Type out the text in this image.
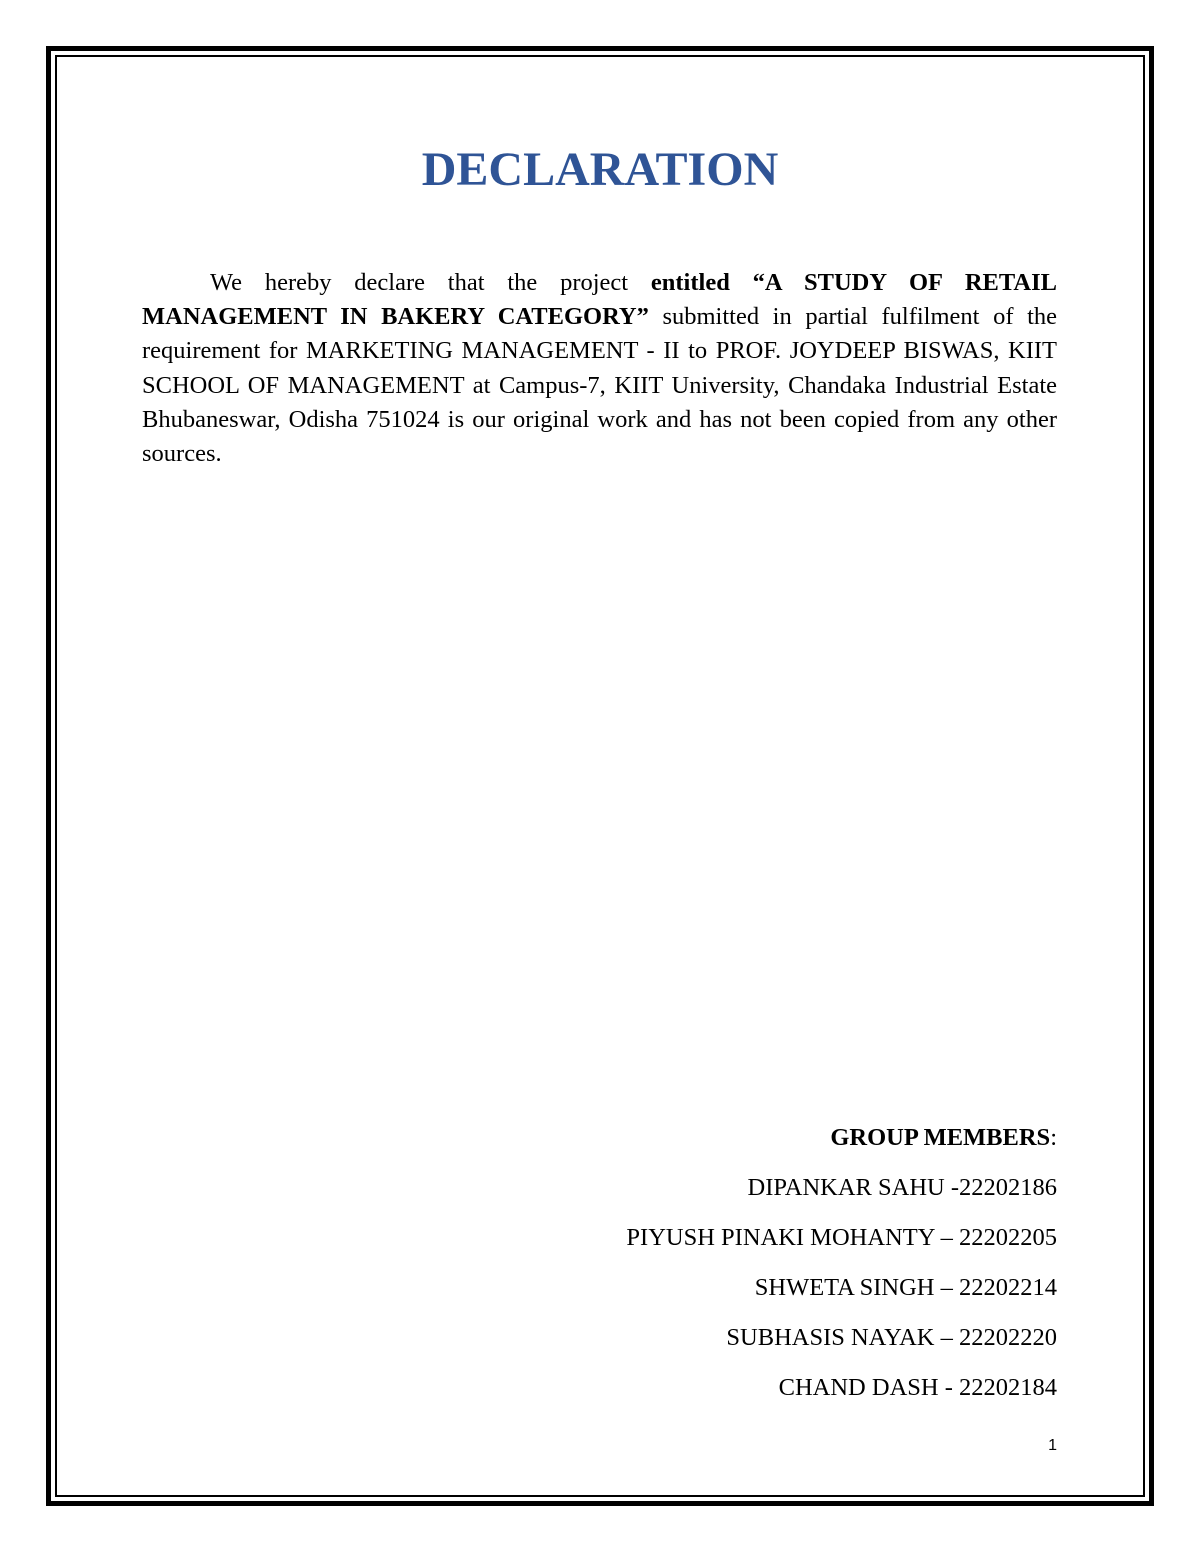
DECLARATION

We hereby declare that the project entitled “A STUDY OF RETAIL MANAGEMENT IN BAKERY CATEGORY” submitted in partial fulfilment of the requirement for MARKETING MANAGEMENT - II to PROF. JOYDEEP BISWAS, KIIT SCHOOL OF MANAGEMENT at Campus-7, KIIT University, Chandaka Industrial Estate Bhubaneswar, Odisha 751024 is our original work and has not been copied from any other sources.

GROUP MEMBERS:
DIPANKAR SAHU -22202186
PIYUSH PINAKI MOHANTY – 22202205
SHWETA SINGH – 22202214
SUBHASIS NAYAK – 22202220
CHAND DASH - 22202184
1
